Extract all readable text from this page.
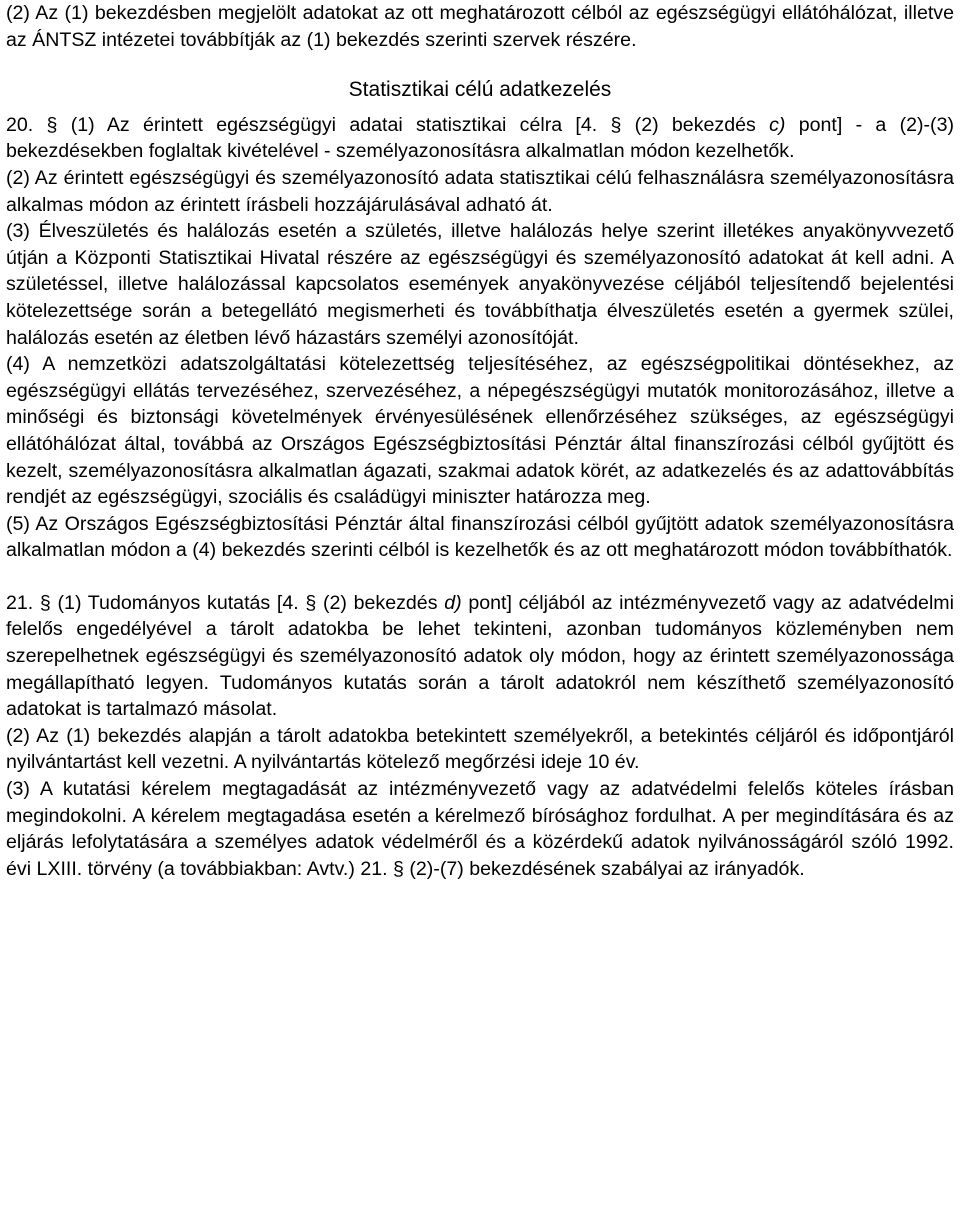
(2) Az (1) bekezdésben megjelölt adatokat az ott meghatározott célból az egészségügyi ellátóhálózat, illetve az ÁNTSZ intézetei továbbítják az (1) bekezdés szerinti szervek részére.

Statisztikai célú adatkezelés

20. § (1) Az érintett egészségügyi adatai statisztikai célra [4. § (2) bekezdés c) pont] - a (2)-(3) bekezdésekben foglaltak kivételével - személyazonosításra alkalmatlan módon kezelhetők.

(2) Az érintett egészségügyi és személyazonosító adata statisztikai célú felhasználásra személyazonosításra alkalmas módon az érintett írásbeli hozzájárulásával adható át.

(3) Élveszületés és halálozás esetén a születés, illetve halálozás helye szerint illetékes anyakönyvvezető útján a Központi Statisztikai Hivatal részére az egészségügyi és személyazonosító adatokat át kell adni. A születéssel, illetve halálozással kapcsolatos események anyakönyvezése céljából teljesítendő bejelentési kötelezettsége során a betegellátó megismerheti és továbbíthatja élveszületés esetén a gyermek szülei, halálozás esetén az életben lévő házastárs személyi azonosítóját.

(4) A nemzetközi adatszolgáltatási kötelezettség teljesítéséhez, az egészségpolitikai döntésekhez, az egészségügyi ellátás tervezéséhez, szervezéséhez, a népegészségügyi mutatók monitorozásához, illetve a minőségi és biztonsági követelmények érvényesülésének ellenőrzéséhez szükséges, az egészségügyi ellátóhálózat által, továbbá az Országos Egészségbiztosítási Pénztár által finanszírozási célból gyűjtött és kezelt, személyazonosításra alkalmatlan ágazati, szakmai adatok körét, az adatkezelés és az adattovábbítás rendjét az egészségügyi, szociális és családügyi miniszter határozza meg.

(5) Az Országos Egészségbiztosítási Pénztár által finanszírozási célból gyűjtött adatok személyazonosításra alkalmatlan módon a (4) bekezdés szerinti célból is kezelhetők és az ott meghatározott módon továbbíthatók.

21. § (1) Tudományos kutatás [4. § (2) bekezdés d) pont] céljából az intézményvezető vagy az adatvédelmi felelős engedélyével a tárolt adatokba be lehet tekinteni, azonban tudományos közleményben nem szerepelhetnek egészségügyi és személyazonosító adatok oly módon, hogy az érintett személyazonossága megállapítható legyen. Tudományos kutatás során a tárolt adatokról nem készíthető személyazonosító adatokat is tartalmazó másolat.

(2) Az (1) bekezdés alapján a tárolt adatokba betekintett személyekről, a betekintés céljáról és időpontjáról nyilvántartást kell vezetni. A nyilvántartás kötelező megőrzési ideje 10 év.

(3) A kutatási kérelem megtagadását az intézményvezető vagy az adatvédelmi felelős köteles írásban megindokolni. A kérelem megtagadása esetén a kérelmező bírósághoz fordulhat. A per megindítására és az eljárás lefolytatására a személyes adatok védelméről és a közérdekű adatok nyilvánosságáról szóló 1992. évi LXIII. törvény (a továbbiakban: Avtv.) 21. § (2)-(7) bekezdésének szabályai az irányadók.
